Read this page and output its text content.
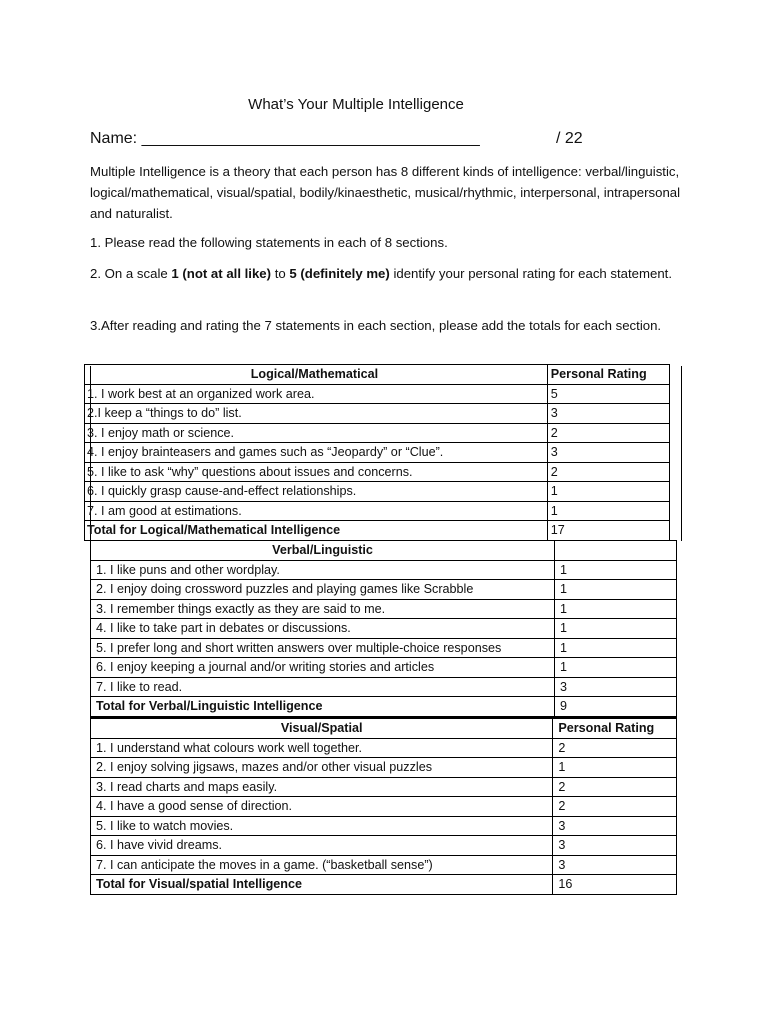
What’s Your Multiple Intelligence
Name: ______________________________________	/ 22
Multiple Intelligence is a theory that each person has 8 different kinds of intelligence: verbal/linguistic, logical/mathematical, visual/spatial, bodily/kinaesthetic, musical/rhythmic, interpersonal, intrapersonal and naturalist.
1. Please read the following statements in each of 8 sections.
2. On a scale 1 (not at all like) to 5 (definitely me) identify your personal rating for each statement.
3.After reading and rating the 7 statements in each section, please add the totals for each section.
Logical/Mathematical	Personal Rating
1. I work best at an organized work area.	5
2.I keep a “things to do” list.	3
3. I enjoy math or science.	2
4. I enjoy brainteasers and games such as “Jeopardy” or “Clue”.	3
5. I like to ask “why” questions about issues and concerns.	2
6. I quickly grasp cause-and-effect relationships.	1
7. I am good at estimations.	1
Total for Logical/Mathematical Intelligence	17
Verbal/Linguistic	
1. I like puns and other wordplay.	1
2. I enjoy doing crossword puzzles and playing games like Scrabble	1
3. I remember things exactly as they are said to me.	1
4. I like to take part in debates or discussions.	1
5. I prefer long and short written answers over multiple-choice responses	1
6. I enjoy keeping a journal and/or writing stories and articles	1
7. I like to read.	3
Total for Verbal/Linguistic Intelligence	9
Visual/Spatial	Personal Rating
1. I understand what colours work well together.	2
2. I enjoy solving jigsaws, mazes and/or other visual puzzles	1
3. I read charts and maps easily.	2
4. I have a good sense of direction.	2
5. I like to watch movies.	3
6. I have vivid dreams.	3
7. I can anticipate the moves in a game. (“basketball sense”)	3
Total for Visual/spatial Intelligence	16
